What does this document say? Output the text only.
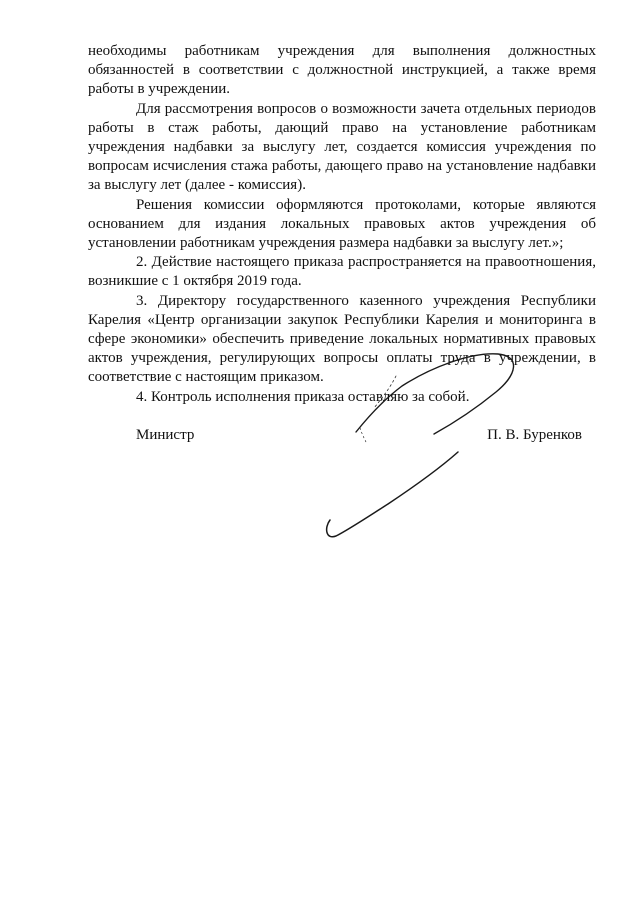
необходимы работникам учреждения для выполнения должностных обязанностей в соответствии с должностной инструкцией, а также время работы в учреждении.

Для рассмотрения вопросов о возможности зачета отдельных периодов работы в стаж работы, дающий право на установление работникам учреждения надбавки за выслугу лет, создается комиссия учреждения по вопросам исчисления стажа работы, дающего право на установление надбавки за выслугу лет (далее - комиссия).

Решения комиссии оформляются протоколами, которые являются основанием для издания локальных правовых актов учреждения об установлении работникам учреждения размера надбавки за выслугу лет.»;

2. Действие настоящего приказа распространяется на правоотношения, возникшие с 1 октября 2019 года.

3. Директору государственного казенного учреждения Республики Карелия «Центр организации закупок Республики Карелия и мониторинга в сфере экономики» обеспечить приведение локальных нормативных правовых актов учреждения, регулирующих вопросы оплаты труда в учреждении, в соответствие с настоящим приказом.

4. Контроль исполнения приказа оставляю за собой.

Министр	П. В. Буренков
